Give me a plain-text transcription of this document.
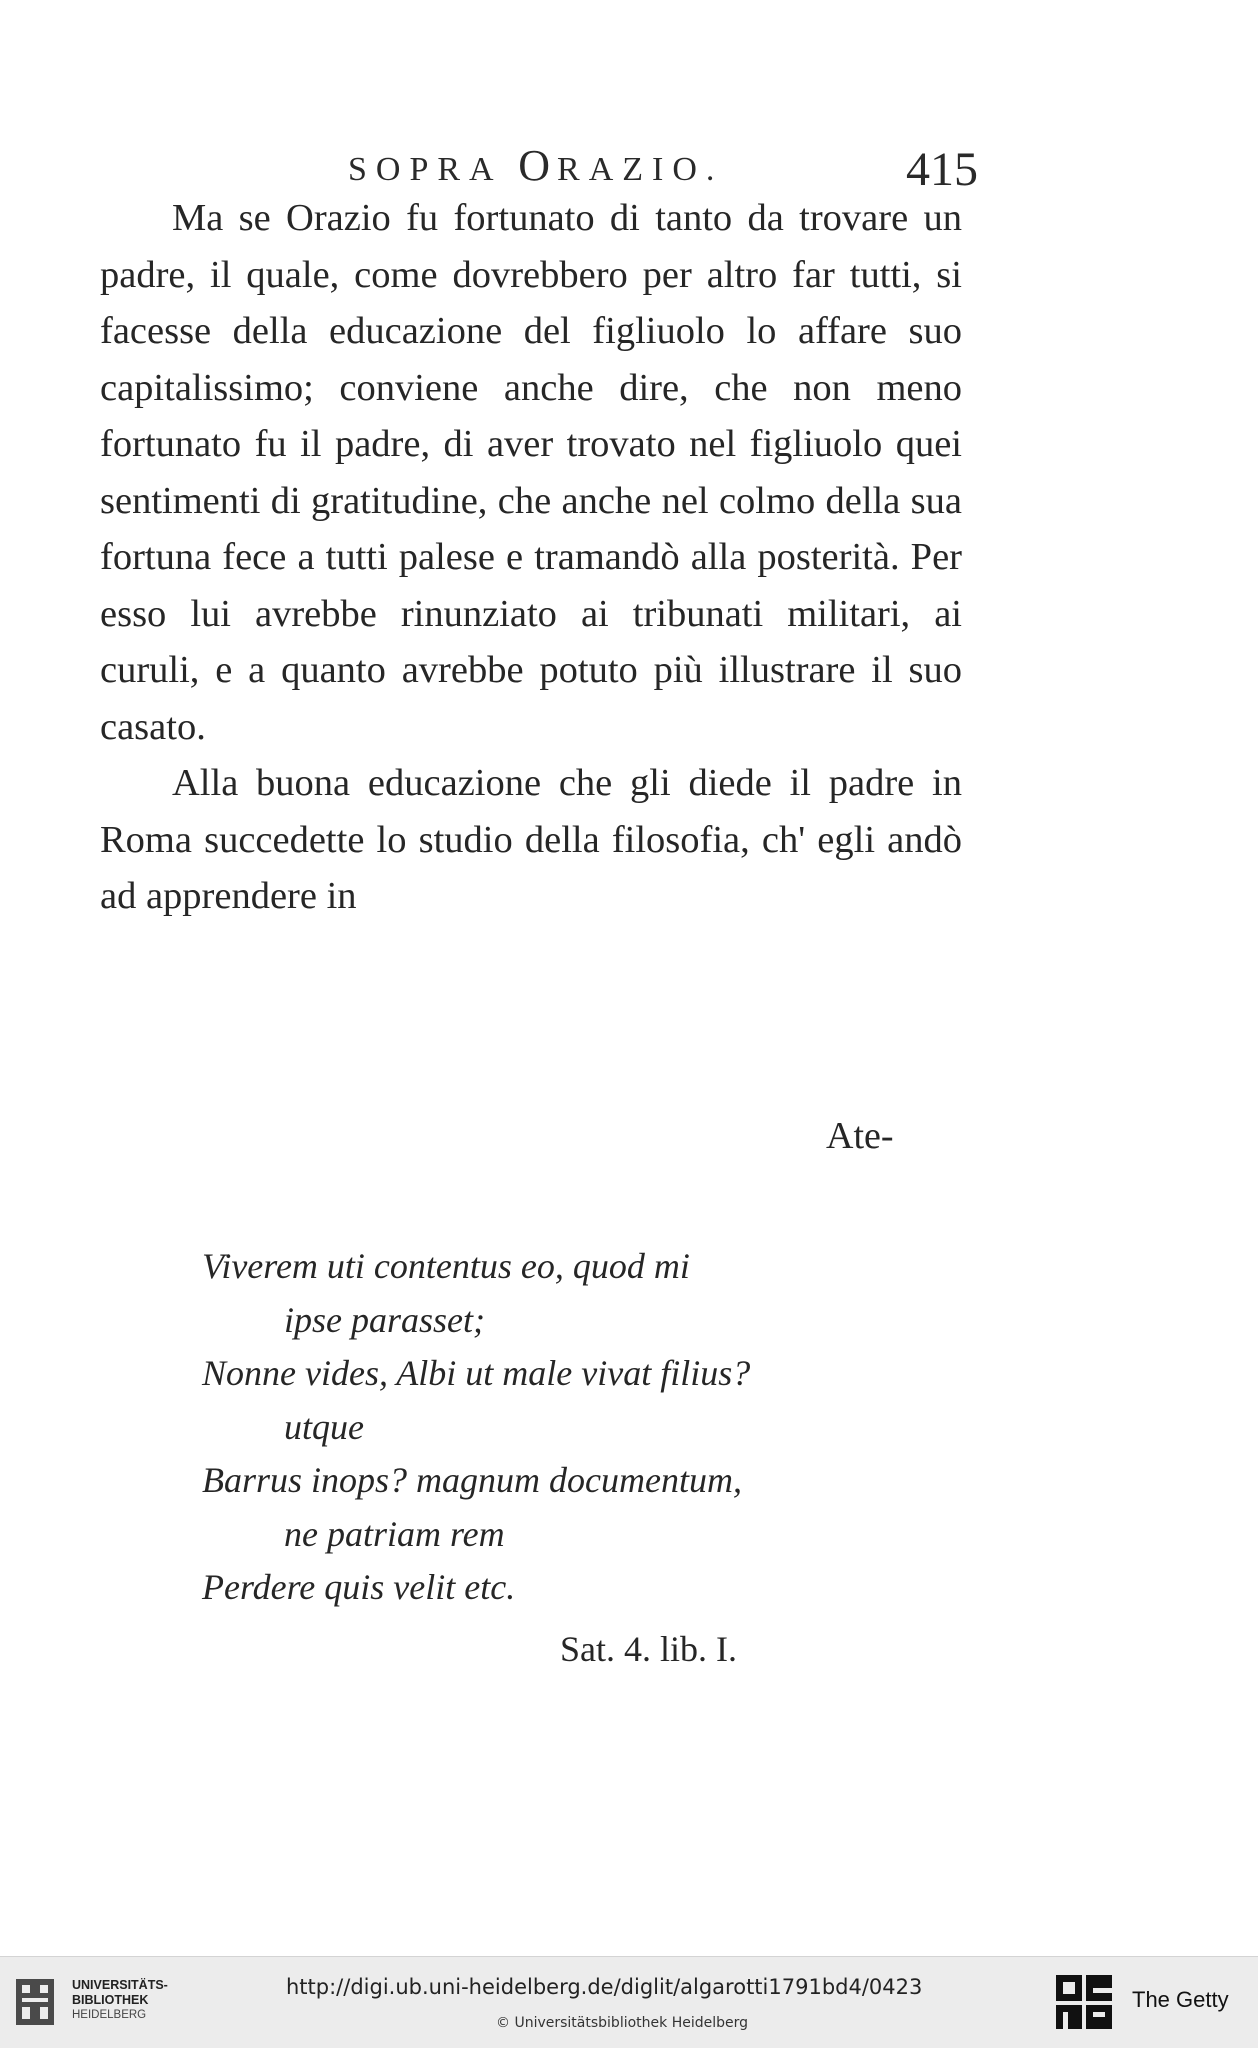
SOPRA ORAZIO.	415

Ma se Orazio fu fortunato di tanto da trovare un padre, il quale, come dovrebbero per altro far tutti, si facesse della educazione del figliuolo lo affare suo capitalissimo; conviene anche dire, che non meno fortunato fu il padre, di aver trovato nel figliuolo quei sentimenti di gratitudine, che anche nel colmo della sua fortuna fece a tutti palese e tramandò alla posterità. Per esso lui avrebbe rinunziato ai tribunati militari, ai curuli, e a quanto avrebbe potuto più illustrare il suo casato.

Alla buona educazione che gli diede il padre in Roma succedette lo studio della filosofia, ch' egli andò ad apprendere in

Ate-
Viverem uti contentus eo, quod mi
ipse parasset;
Nonne vides, Albi ut male vivat filius?
utque
Barrus inops? magnum documentum,
ne patriam rem
Perdere quis velit etc.
Sat. 4. lib. I.
UNIVERSITÄTS-
BIBLIOTHEK
HEIDELBERG
http://digi.ub.uni-heidelberg.de/diglit/algarotti1791bd4/0423
© Universitätsbibliothek Heidelberg
The Getty
